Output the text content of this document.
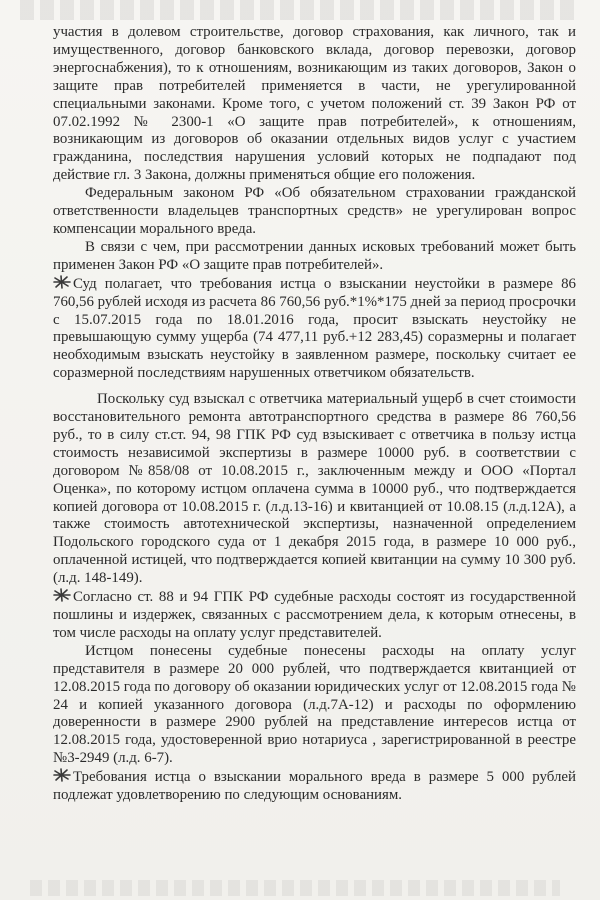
участия в долевом строительстве, договор страхования, как личного, так и имущественного, договор банковского вклада, договор перевозки, договор энергоснабжения), то к отношениям, возникающим из таких договоров, Закон о защите прав потребителей применяется в части, не урегулированной специальными законами. Кроме того, с учетом положений ст. 39 Закон РФ от 07.02.1992 № 2300-1 «О защите прав потребителей», к отношениям, возникающим из договоров об оказании отдельных видов услуг с участием гражданина, последствия нарушения условий которых не подпадают под действие гл. 3 Закона, должны применяться общие его положения.

Федеральным законом РФ «Об обязательном страховании гражданской ответственности владельцев транспортных средств» не урегулирован вопрос компенсации морального вреда.

В связи с чем, при рассмотрении данных исковых требований может быть применен Закон РФ «О защите прав потребителей».

Суд полагает, что требования истца о взыскании неустойки в размере 86 760,56 рублей исходя из расчета 86 760,56 руб.*1%*175 дней за период просрочки с 15.07.2015 года по 18.01.2016 года, просит взыскать неустойку не превышающую сумму ущерба (74 477,11 руб.+12 283,45) соразмерны и полагает необходимым взыскать неустойку в заявленном размере, поскольку считает ее соразмерной последствиям нарушенных ответчиком обязательств.

Поскольку суд взыскал с ответчика материальный ущерб в счет стоимости восстановительного ремонта автотранспортного средства в размере 86 760,56 руб., то в силу ст.ст. 94, 98 ГПК РФ суд взыскивает с ответчика в пользу истца стоимость независимой экспертизы в размере 10000 руб. в соответствии с договором №858/08 от 10.08.2015 г., заключенным между и ООО «Портал Оценка», по которому истцом оплачена сумма в 10000 руб., что подтверждается копией договора от 10.08.2015 г. (л.д.13-16) и квитанцией от 10.08.15 (л.д.12А), а также стоимость автотехнической экспертизы, назначенной определением Подольского городского суда от 1 декабря 2015 года, в размере 10 000 руб., оплаченной истицей, что подтверждается копией квитанции на сумму 10 300 руб. (л.д. 148-149).

Согласно ст. 88 и 94 ГПК РФ судебные расходы состоят из государственной пошлины и издержек, связанных с рассмотрением дела, к которым отнесены, в том числе расходы на оплату услуг представителей.

Истцом понесены судебные понесены расходы на оплату услуг представителя в размере 20 000 рублей, что подтверждается квитанцией от 12.08.2015 года по договору об оказании юридических услуг от 12.08.2015 года № 24 и копией указанного договора (л.д.7А-12) и расходы по оформлению доверенности в размере 2900 рублей на представление интересов истца от 12.08.2015 года, удостоверенной врио нотариуса , зарегистрированной в реестре №3-2949 (л.д. 6-7).

Требования истца о взыскании морального вреда в размере 5 000 рублей подлежат удовлетворению по следующим основаниям.
